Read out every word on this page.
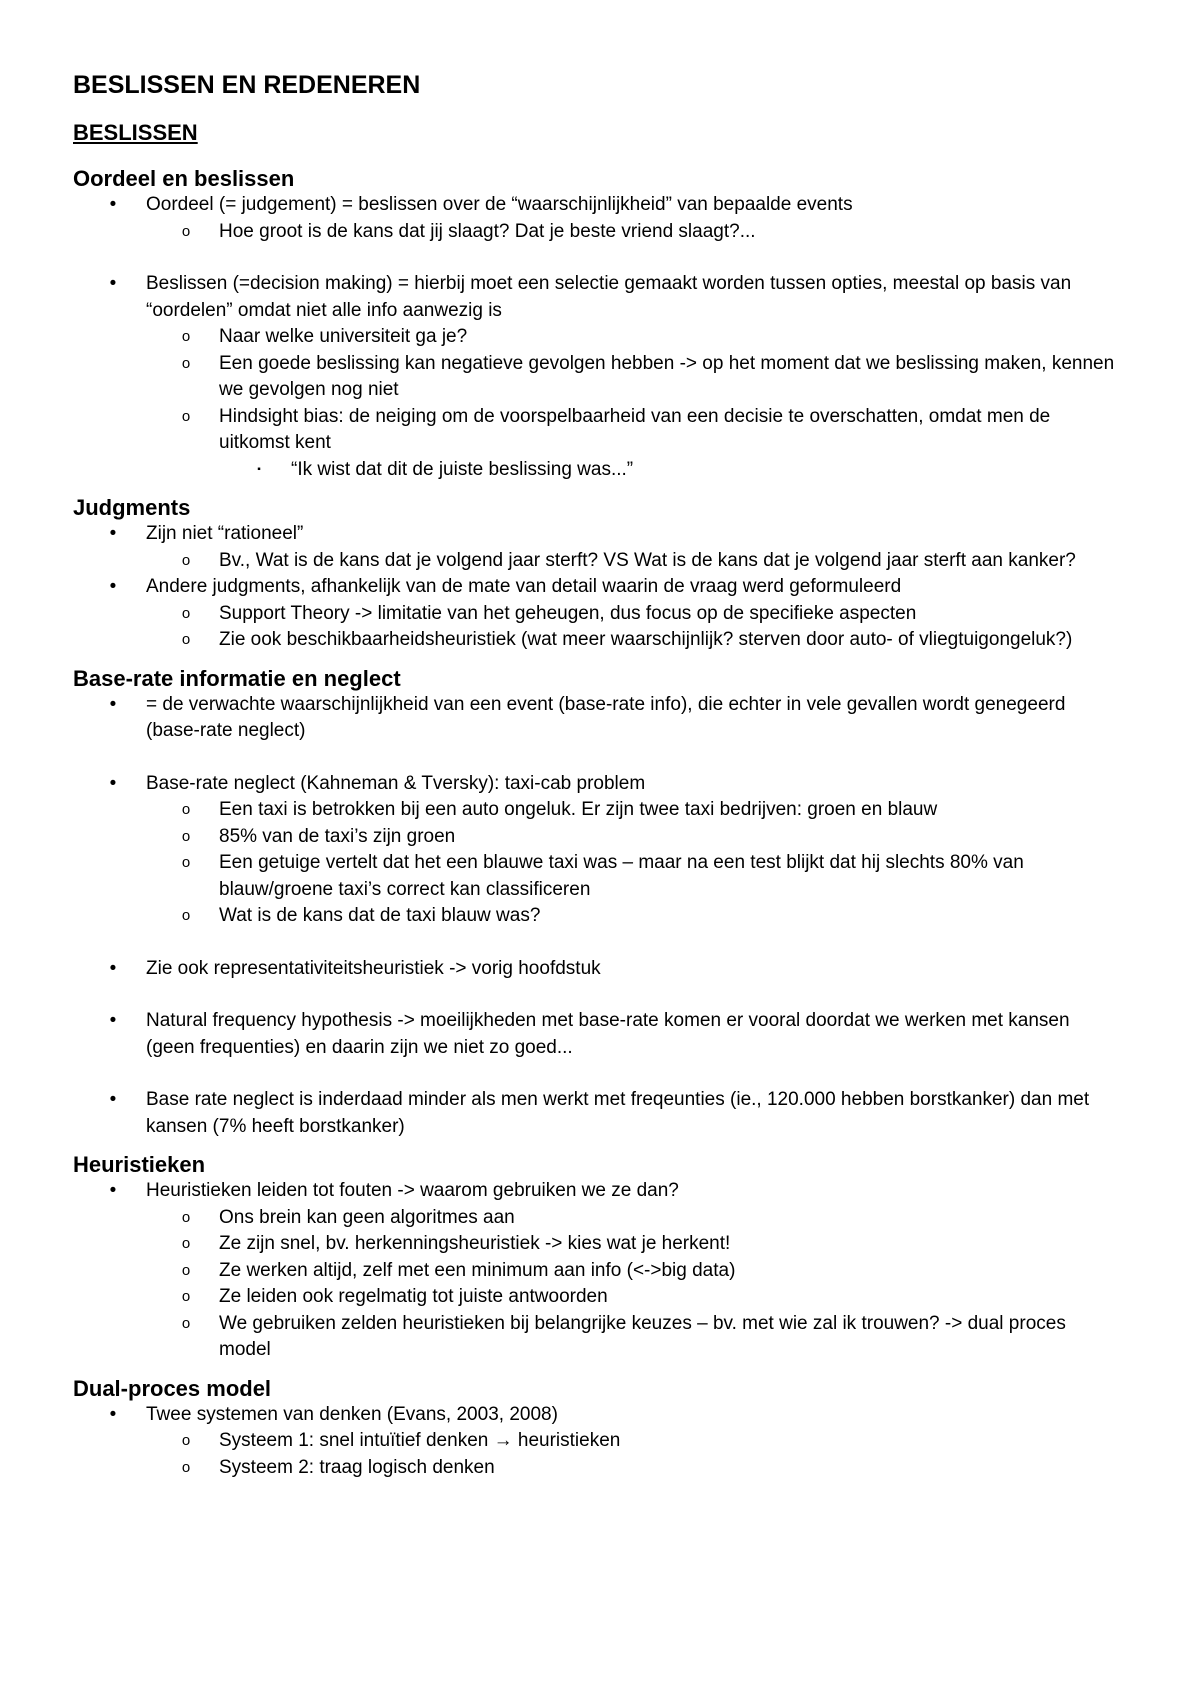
BESLISSEN EN REDENEREN
BESLISSEN
Oordeel en beslissen
• Oordeel (= judgement) = beslissen over de “waarschijnlijkheid” van bepaalde events
o Hoe groot is de kans dat jij slaagt? Dat je beste vriend slaagt?...
• Beslissen (=decision making) = hierbij moet een selectie gemaakt worden tussen opties, meestal op basis van “oordelen” omdat niet alle info aanwezig is
o Naar welke universiteit ga je?
o Een goede beslissing kan negatieve gevolgen hebben -> op het moment dat we beslissing maken, kennen we gevolgen nog niet
o Hindsight bias: de neiging om de voorspelbaarheid van een decisie te overschatten, omdat men de uitkomst kent
▪ “Ik wist dat dit de juiste beslissing was...”
Judgments
• Zijn niet “rationeel”
o Bv., Wat is de kans dat je volgend jaar sterft? VS Wat is de kans dat je volgend jaar sterft aan kanker?
• Andere judgments, afhankelijk van de mate van detail waarin de vraag werd geformuleerd
o Support Theory -> limitatie van het geheugen, dus focus op de specifieke aspecten
o Zie ook beschikbaarheidsheuristiek (wat meer waarschijnlijk? sterven door auto- of vliegtuigongeluk?)
Base-rate informatie en neglect
• = de verwachte waarschijnlijkheid van een event (base-rate info), die echter in vele gevallen wordt genegeerd (base-rate neglect)
• Base-rate neglect (Kahneman & Tversky): taxi-cab problem
o Een taxi is betrokken bij een auto ongeluk. Er zijn twee taxi bedrijven: groen en blauw
o 85% van de taxi’s zijn groen
o Een getuige vertelt dat het een blauwe taxi was – maar na een test blijkt dat hij slechts 80% van blauw/groene taxi’s correct kan classificeren
o Wat is de kans dat de taxi blauw was?
• Zie ook representativiteitsheuristiek -> vorig hoofdstuk
• Natural frequency hypothesis -> moeilijkheden met base-rate komen er vooral doordat we werken met kansen (geen frequenties) en daarin zijn we niet zo goed...
• Base rate neglect is inderdaad minder als men werkt met freqeunties (ie., 120.000 hebben borstkanker) dan met kansen (7% heeft borstkanker)
Heuristieken
• Heuristieken leiden tot fouten -> waarom gebruiken we ze dan?
o Ons brein kan geen algoritmes aan
o Ze zijn snel, bv. herkenningsheuristiek -> kies wat je herkent!
o Ze werken altijd, zelf met een minimum aan info (<->big data)
o Ze leiden ook regelmatig tot juiste antwoorden
o We gebruiken zelden heuristieken bij belangrijke keuzes – bv. met wie zal ik trouwen? -> dual proces model
Dual-proces model
• Twee systemen van denken (Evans, 2003, 2008)
o Systeem 1: snel intuïtief denken → heuristieken
o Systeem 2: traag logisch denken
